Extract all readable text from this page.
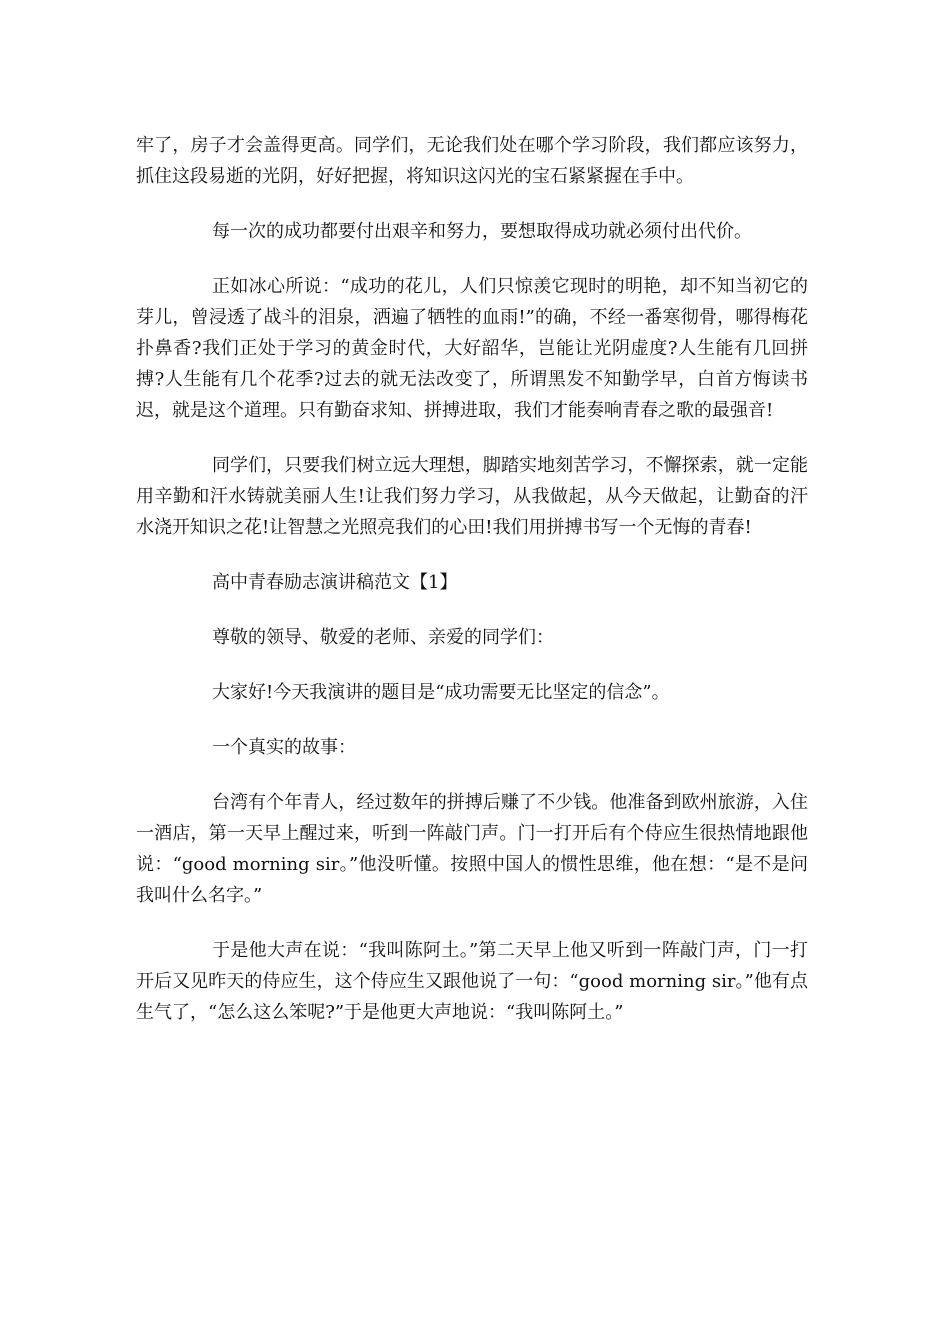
牢了，房子才会盖得更高。同学们，无论我们处在哪个学习阶段，我们都应该努力，抓住这段易逝的光阴，好好把握，将知识这闪光的宝石紧紧握在手中。

每一次的成功都要付出艰辛和努力，要想取得成功就必须付出代价。

正如冰心所说：“成功的花儿，人们只惊羡它现时的明艳，却不知当初它的芽儿，曾浸透了战斗的泪泉，洒遍了牺牲的血雨!”的确，不经一番寒彻骨，哪得梅花扑鼻香?我们正处于学习的黄金时代，大好韶华，岂能让光阴虚度?人生能有几回拼搏?人生能有几个花季?过去的就无法改变了，所谓黑发不知勤学早，白首方悔读书迟，就是这个道理。只有勤奋求知、拼搏进取，我们才能奏响青春之歌的最强音!

同学们，只要我们树立远大理想，脚踏实地刻苦学习，不懈探索，就一定能用辛勤和汗水铸就美丽人生!让我们努力学习，从我做起，从今天做起，让勤奋的汗水浇开知识之花!让智慧之光照亮我们的心田!我们用拼搏书写一个无悔的青春!

高中青春励志演讲稿范文【1】

尊敬的领导、敬爱的老师、亲爱的同学们：

大家好!今天我演讲的题目是“成功需要无比坚定的信念”。

一个真实的故事：

台湾有个年青人，经过数年的拼搏后赚了不少钱。他准备到欧州旅游，入住一酒店，第一天早上醒过来，听到一阵敲门声。门一打开后有个侍应生很热情地跟他说：“good morning sir。”他没听懂。按照中国人的惯性思维，他在想：“是不是问我叫什么名字。”

于是他大声在说：“我叫陈阿土。”第二天早上他又听到一阵敲门声，门一打开后又见昨天的侍应生，这个侍应生又跟他说了一句：“good morning sir。”他有点生气了，“怎么这么笨呢?”于是他更大声地说：“我叫陈阿土。”
